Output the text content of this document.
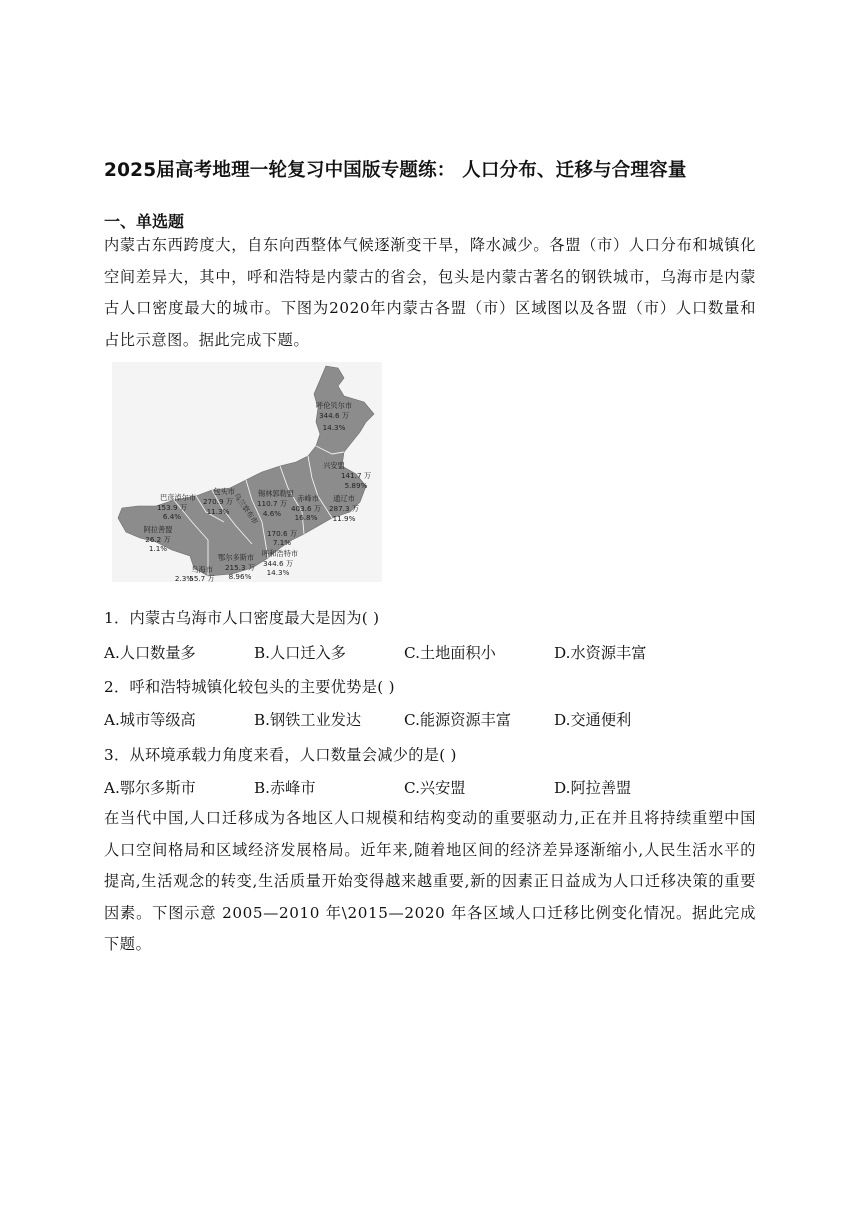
2025届高考地理一轮复习中国版专题练： 人口分布、迁移与合理容量
一、单选题
内蒙古东西跨度大，自东向西整体气候逐渐变干旱，降水减少。各盟（市）人口分布和城镇化空间差异大，其中，呼和浩特是内蒙古的省会，包头是内蒙古著名的钢铁城市，乌海市是内蒙古人口密度最大的城市。下图为2020年内蒙古各盟（市）区域图以及各盟（市）人口数量和占比示意图。据此完成下题。
呼伦贝尔市
344.6 万
14.3%
兴安盟
141.7 万
5.89%
锡林郭勒盟
110.7 万
4.6%
赤峰市
403.6 万
16.8%
通辽市
287.3 万
11.9%
包头市
270.9 万
11.3%
巴彦淖尔市
153.9 万
6.4%
阿拉善盟
26.2 万
1.1%
乌兰察布市
170.6 万
7.1%
呼和浩特市
344.6 万
14.3%
鄂尔多斯市
215.3 万
8.96%
乌海市
55.7 万
2.3%
1．内蒙古乌海市人口密度最大是因为( )
A.人口数量多	B.人口迁入多	C.土地面积小	D.水资源丰富
2．呼和浩特城镇化较包头的主要优势是( )
A.城市等级高	B.钢铁工业发达	C.能源资源丰富	D.交通便利
3．从环境承载力角度来看，人口数量会减少的是( )
A.鄂尔多斯市	B.赤峰市	C.兴安盟	D.阿拉善盟
在当代中国,人口迁移成为各地区人口规模和结构变动的重要驱动力,正在并且将持续重塑中国人口空间格局和区域经济发展格局。近年来,随着地区间的经济差异逐渐缩小,人民生活水平的提高,生活观念的转变,生活质量开始变得越来越重要,新的因素正日益成为人口迁移决策的重要因素。下图示意 2005—2010 年\2015—2020 年各区域人口迁移比例变化情况。据此完成下题。
